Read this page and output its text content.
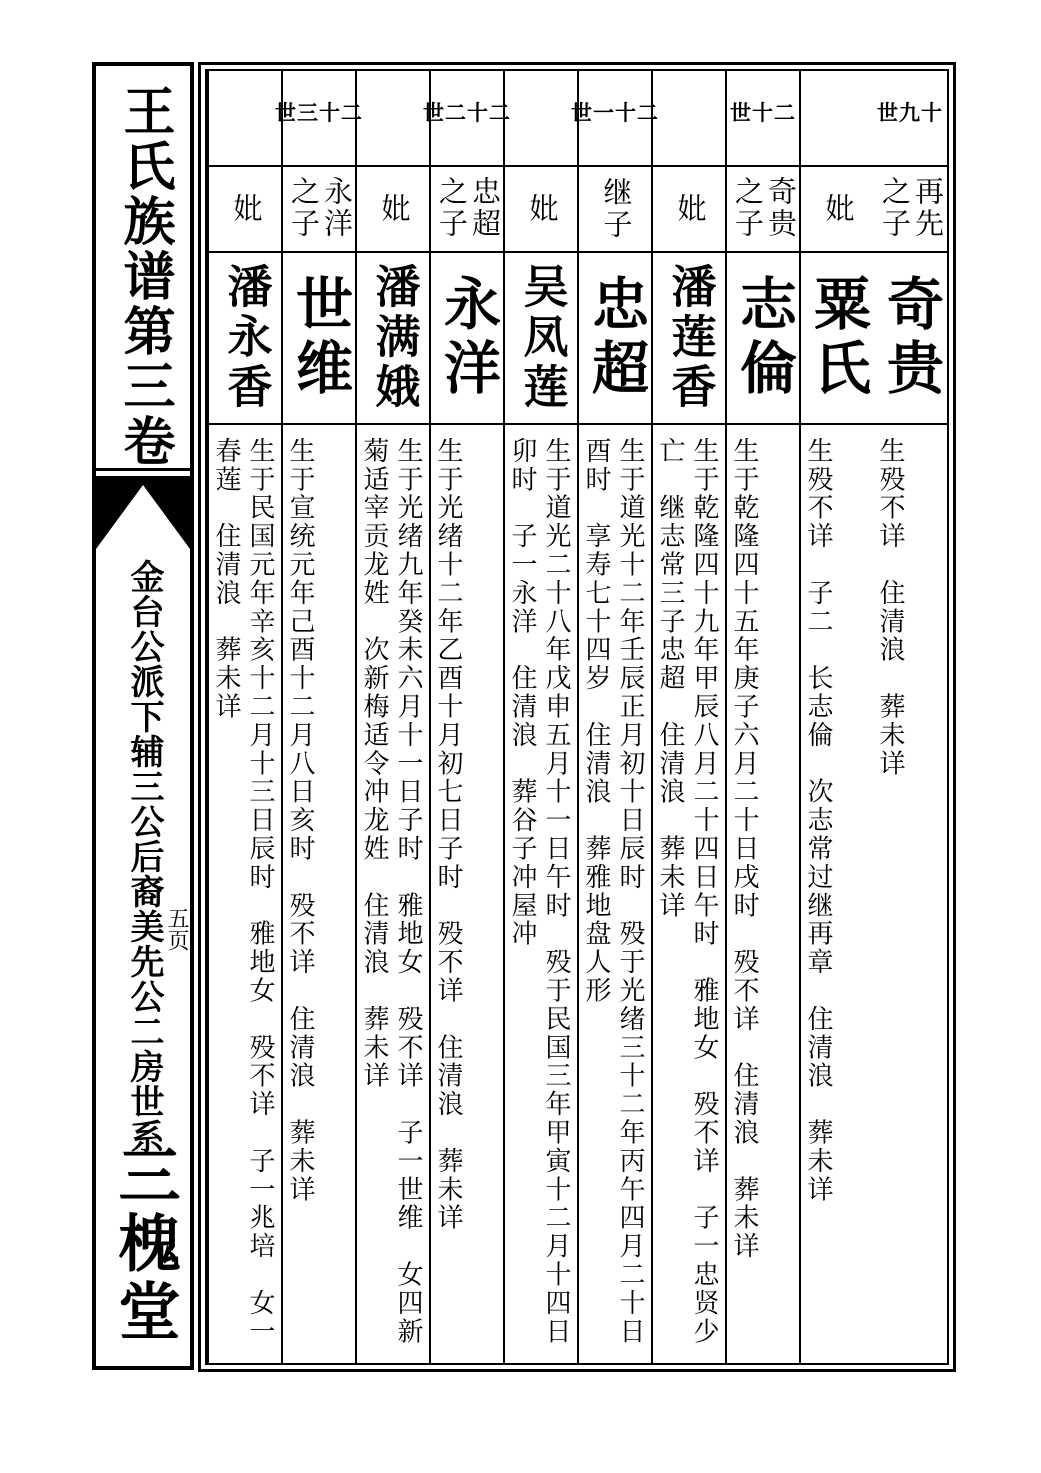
王氏族谱第三卷
金台公派下辅三公后裔美先公二房世系 五页
三槐堂
世九十
再先之子
奇贵
生殁不详　住清浪　葬未详
妣
粟氏
生殁不详　子二　长志倫　次志常过继再章　住清浪　葬未详
世十二
奇贵之子
志倫
生于乾隆四十五年庚子六月二十日戌时　殁不详　住清浪　葬未详
妣
潘莲香
生于乾隆四十九年甲辰八月二十四日午时　雅地女　殁不详　子一忠贤少亡　继志常三子忠超　住清浪　葬未详
世一十二
继子
忠超
生于道光十二年壬辰正月初十日辰时　殁于光绪三十二年丙午四月二十日酉时　享寿七十四岁　住清浪　葬雅地盘人形
妣
吴凤莲
生于道光二十八年戊申五月十一日午时　殁于民国三年甲寅十二月十四日卯时　子一永洋　住清浪　葬谷子冲屋冲
世二十二
忠超之子
永洋
生于光绪十二年乙酉十月初七日子时　殁不详　住清浪　葬未详
妣
潘满娥
生于光绪九年癸未六月十一日子时　雅地女　殁不详　子一世维　女四新菊适宰贡龙姓　次新梅适令冲龙姓　住清浪　葬未详
世三十二
永洋之子
世维
生于宣统元年己酉十二月八日亥时　殁不详　住清浪　葬未详
妣
潘永香
生于民国元年辛亥十二月十三日辰时　雅地女　殁不详　子一兆培　女一春莲　住清浪　葬未详
